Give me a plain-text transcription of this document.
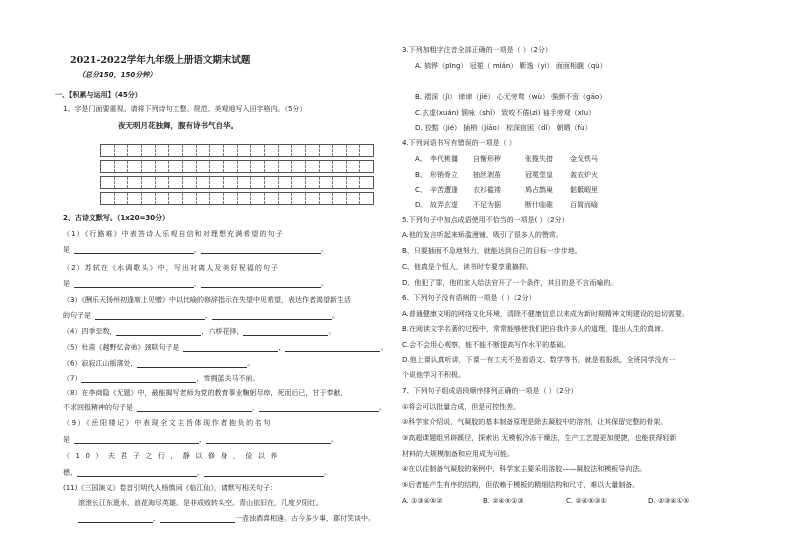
2021-2022学年九年级上册语文期末试题
（总分150，150分钟）
一、【积累与运用】（45分）
1、字是门面要重视。请将下列诗句工整、规范、美观地写入田字格内。（5分）
夜无明月花独舞，腹有诗书气自华。
2、古诗文默写。（1x20=30分）
（1）《行路难》中表答诗人乐观自信和对理想充满希望的句子
是	，	。
（2）苏轼在《水调歌头》中，写出对离人及美好祝福的句子
是	，	。
（3）《酬乐天扬州初逢席上见赠》中以比喻的修辞指示在失望中见希望，表达作者渴望新生活
的句子是	，	。
（4）四季至数，	，六桥花择，	。
（5）杜甫《越野忆舍弟》颈联句子是	，	。
（6）寂寂江山摇落处，	。
（7）	，雪拥蓝关马不前。
（8）在李商隐《无题》中，最能揭写老师为党的教育事业鞠躬尽瘁，死而后已，甘于奉献，
不求回报精神的句子是	，	。
（9）《岳阳楼记》中表现全文主旨体现作者抱负的名句
是	，	。
（10）夫君子之行，静以修身，俭以养
德，	，	。
(11)《三国演义》卷首引明代人杨慎词《临江仙》，请默写相关句子：
滚滚长江东逝水，浪花淘尽英雄。是非成败转头空。青山依旧在，几度夕阳红。
，	一壶浊酒喜相逢。古今多少事，都付笑谈中。
3.下列加粗字注音全部正确的一项是（ ）（2分）
A. 鸫铧（pīng） 冠冕（ miǎn） 靳逸（yì） 面面相觑（qù）
B. 褶深（jì） 谛谛（jié） 心无旁骛（wù） 强颜不啻（gāo）
C.玄虚(xuán) 簇咏（shǐ） 致咬不倦(zì) 袖手旁观（xīu）
D. 狡黠（jié） 插梢（jiāo） 棕深宿困（dǐ） 朝晒（fù）
4.下列词语书写有错误的一项是（ ）
A、 李代桃僵 自惭形秽	张揽失措 金戈铁马
B、 形销骨立 抽丝剥茧	冠冕堂皇 轰衣炉火
C、 辛苦遭逢 衣衫褴褛	鸠占鹊巢 骷骶暇里
D、 故弄玄虚 不足为据	断什临碓 百简而喻
5.下列句子中加点成语使用不恰当的一项是( ）（2分）
A.他的发言听起来矫滥漫铺，吸引了很多人的赞赏。
B、只要插面不急地努力，就能达到自己的目标一步步地。
C、他真是个恒人，读书时专要享重摘抑。
D、他犯了罪，他的家人给法官开了一个条件，其目的是不言而喻的。
6、下列句子没有语病的一项是（ ）（2分）
A.普通健康文明的网络文化环境，清除不健康信息以来成为新时期精神文明建设的迫切需要。
B.在阅读文学名著的过程中，常常能够使我们把自我许多人的道理，提出人生的真谛。
C.会不会用心观察，能不能不断提高写作水平的基础。
D.他上课认真听讲，下课一有工夫不是看语文、数学等书，就是看报纸，全班同学没有一
个说他学习不积极。
7、下列句子组成语段顺序排列正确的一项是（ ）（2分）
①将会可以批量合成，但是可控性差。
②科学家介绍说，气凝胶的基本制备原理是除去凝胶中的溶剂，让其保留完整的骨架。
③高超课题组另辟蹊径，探索出 无模板冷冻干燥法，生产工艺提更加便捷，也能获得轻新
材料的大规模制备和应用成为可能。
④在以往制备气凝胶的案例中，科学家主要采用溶胶——凝胶法和模板导向法。
⑤后者能产生有序的结构，但依赖于模板的精细结构和尺寸，难以大量制备。
A. ①③④⑤②	B. ②④⑤①③	C. ②④⑤③①	D. ②③④①⑤
